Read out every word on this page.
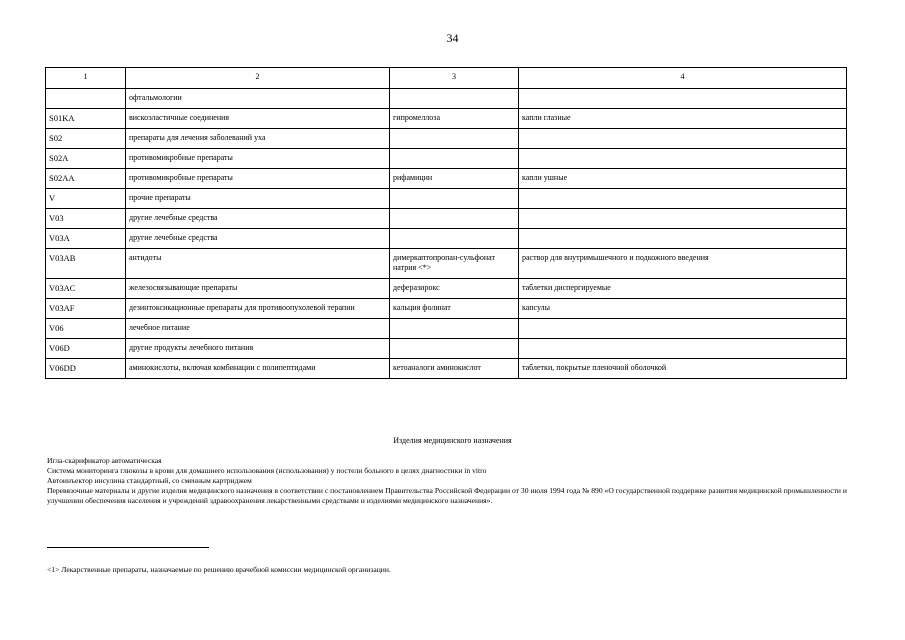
34
1	2	3	4
	офтальмологии		
S01KA	вискоэластичные соединения	гипромеллоза	капли глазные
S02	препараты для лечения заболеваний уха		
S02A	противомикробные препараты		
S02AA	противомикробные препараты	рифамицин	капли ушные
V	прочие препараты		
V03	другие лечебные средства		
V03A	другие лечебные средства		
V03AB	антидоты	димеркаптопропан-сульфонат натрия <*>	раствор для внутримышечного и подкожного введения
V03AC	железосвязывающие препараты	деферазирокс	таблетки диспергируемые
V03AF	дезинтоксикационные препараты для противоопухолевой терапии	кальция фолинат	капсулы
V06	лечебное питание		
V06D	другие продукты лечебного питания		
V06DD	аминокислоты, включая комбинации с полипептидами	кетоаналоги аминокислот	таблетки, покрытые пленочной оболочкой
Изделия медицинского назначения

Игла-скарификатор автоматическая

Система мониторинга глюкозы в крови для домашнего использования (использования) у постели больного в целях диагностики in vitro

Автоинъектор инсулина стандартный, со сменным картриджем

Перевязочные материалы и другие изделия медицинского назначения в соответствии с постановлением Правительства Российской Федерации от 30 июля 1994 года № 890 «О государственной поддержке развития медицинской промышленности и улучшении обеспечения населения и учреждений здравоохранения лекарственными средствами и изделиями медицинского назначения».

<1> Лекарственные препараты, назначаемые по решению врачебной комиссии медицинской организации.
